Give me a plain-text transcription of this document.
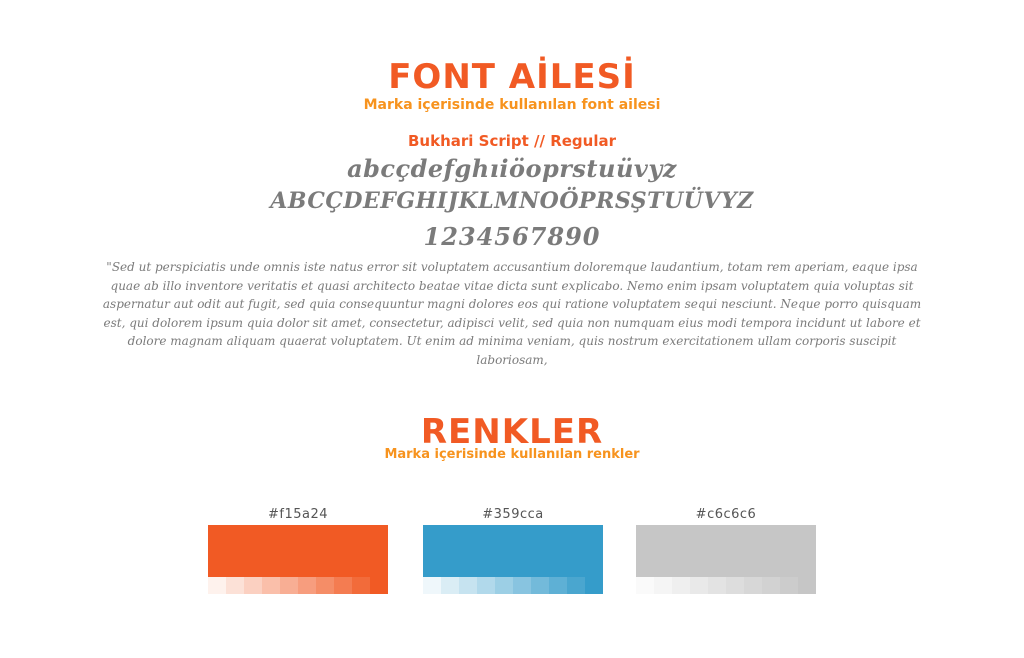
FONT AİLESİ
Marka içerisinde kullanılan font ailesi
Bukhari Script // Regular
abcçdefghıiöoprstuüvyz
ABCÇDEFGHIJKLMNOÖPRSŞTUÜVYZ
1234567890
"Sed ut perspiciatis unde omnis iste natus error sit voluptatem accusantium doloremque laudantium, totam rem aperiam, eaque ipsa quae ab illo inventore veritatis et quasi architecto beatae vitae dicta sunt explicabo. Nemo enim ipsam voluptatem quia voluptas sit aspernatur aut odit aut fugit, sed quia consequuntur magni dolores eos qui ratione voluptatem sequi nesciunt. Neque porro quisquam est, qui dolorem ipsum quia dolor sit amet, consectetur, adipisci velit, sed quia non numquam eius modi tempora incidunt ut labore et dolore magnam aliquam quaerat voluptatem. Ut enim ad minima veniam, quis nostrum exercitationem ullam corporis suscipit laboriosam,
RENKLER
Marka içerisinde kullanılan renkler
#f15a24	#359cca	#c6c6c6
